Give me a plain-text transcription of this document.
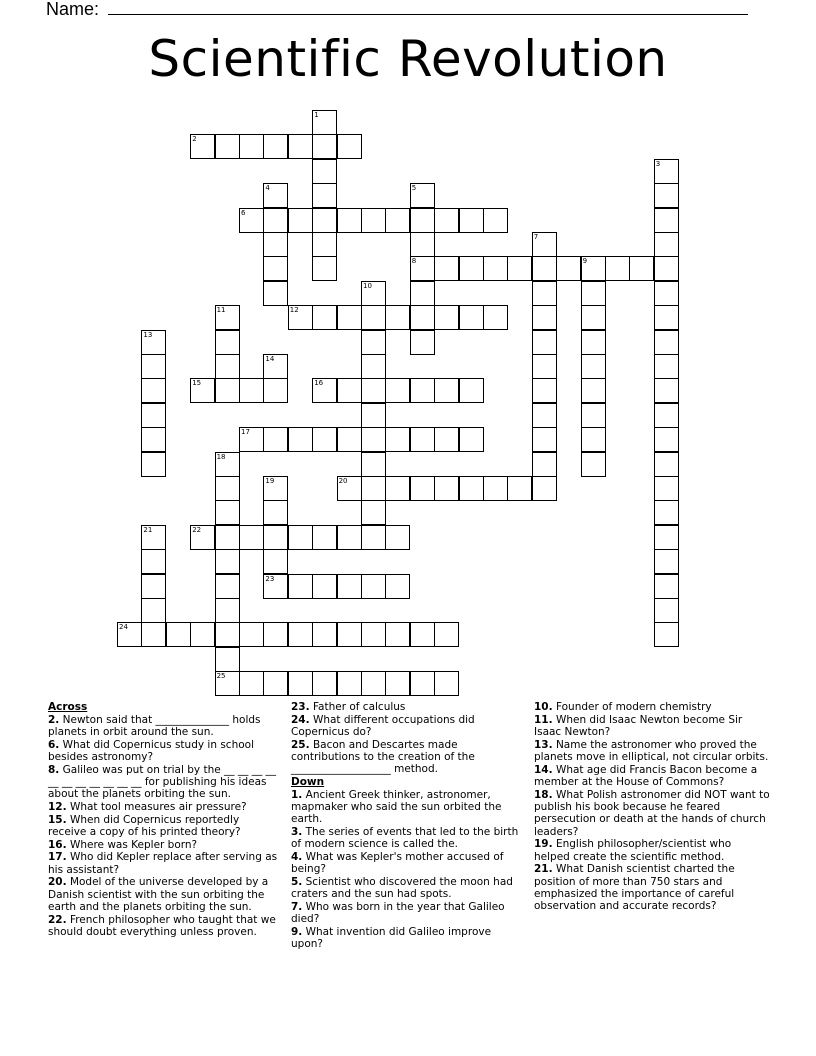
Name:
Scientific Revolution
1
2
3
4	5
8
6
7
9
10
11	12
13
14
15	16
17
18
25
19
23
20
21	22
24
Across
2. Newton said that ______________ holds planets in orbit around the sun.
6. What did Copernicus study in school besides astronomy?
8. Galileo was put on trial by the __ __ __ __ __ __ __ __ __ __ __ for publishing his ideas about the planets orbiting the sun.
12. What tool measures air pressure?
15. When did Copernicus reportedly receive a copy of his printed theory?
16. Where was Kepler born?
17. Who did Kepler replace after serving as his assistant?
20. Model of the universe developed by a Danish scientist with the sun orbiting the earth and the planets orbiting the sun.
22. French philosopher who taught that we should doubt everything unless proven.
23. Father of calculus
24. What different occupations did Copernicus do?
25. Bacon and Descartes made contributions to the creation of the ___________________ method.
Down
1. Ancient Greek thinker, astronomer, mapmaker who said the sun orbited the earth.
3. The series of events that led to the birth of modern science is called the.
4. What was Kepler's mother accused of being?
5. Scientist who discovered the moon had craters and the sun had spots.
7. Who was born in the year that Galileo died?
9. What invention did Galileo improve upon?
10. Founder of modern chemistry
11. When did Isaac Newton become Sir Isaac Newton?
13. Name the astronomer who proved the planets move in elliptical, not circular orbits.
14. What age did Francis Bacon become a member at the House of Commons?
18. What Polish astronomer did NOT want to publish his book because he feared persecution or death at the hands of church leaders?
19. English philosopher/scientist who helped create the scientific method.
21. What Danish scientist charted the position of more than 750 stars and emphasized the importance of careful observation and accurate records?
